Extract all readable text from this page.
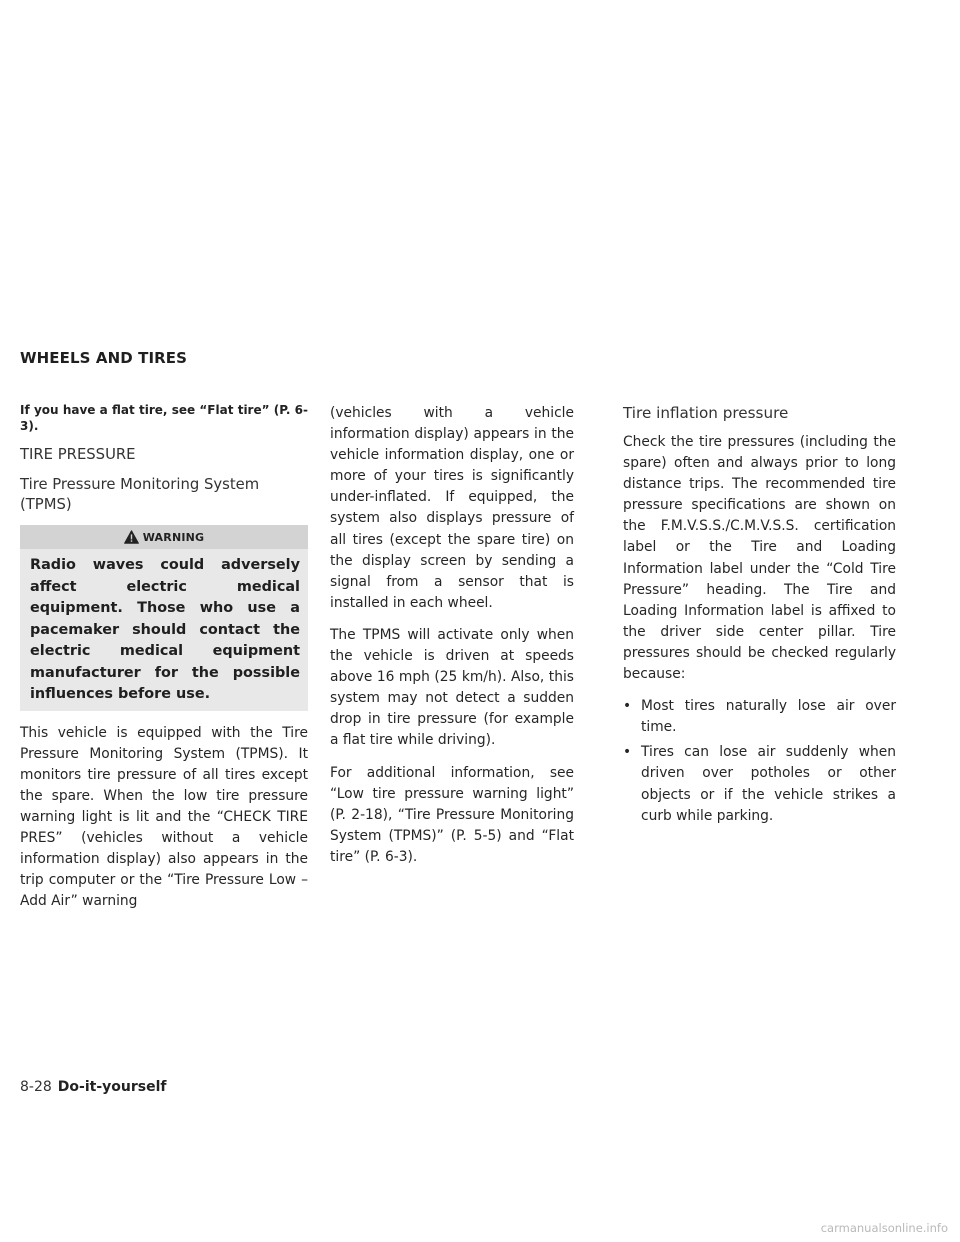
WHEELS AND TIRES

If you have a flat tire, see “Flat tire” (P. 6-3).

TIRE PRESSURE
Tire Pressure Monitoring System (TPMS)
WARNING
Radio waves could adversely affect electric medical equipment. Those who use a pacemaker should contact the electric medical equipment manufacturer for the possible influences before use.

This vehicle is equipped with the Tire Pressure Monitoring System (TPMS). It monitors tire pressure of all tires except the spare. When the low tire pressure warning light is lit and the “CHECK TIRE PRES” (vehicles without a vehicle information display) also appears in the trip computer or the “Tire Pressure Low – Add Air” warning

(vehicles with a vehicle information display) appears in the vehicle information display, one or more of your tires is significantly under-inflated. If equipped, the system also displays pressure of all tires (except the spare tire) on the display screen by sending a signal from a sensor that is installed in each wheel.

The TPMS will activate only when the vehicle is driven at speeds above 16 mph (25 km/h). Also, this system may not detect a sudden drop in tire pressure (for example a flat tire while driving).

For additional information, see “Low tire pressure warning light” (P. 2-18), “Tire Pressure Monitoring System (TPMS)” (P. 5-5) and “Flat tire” (P. 6-3).

Tire inflation pressure

Check the tire pressures (including the spare) often and always prior to long distance trips. The recommended tire pressure specifications are shown on the F.M.V.S.S./C.M.V.S.S. certification label or the Tire and Loading Information label under the “Cold Tire Pressure” heading. The Tire and Loading Information label is affixed to the driver side center pillar. Tire pressures should be checked regularly because:

• Most tires naturally lose air over time.
• Tires can lose air suddenly when driven over potholes or other objects or if the vehicle strikes a curb while parking.
8-28 Do-it-yourself
carmanualsonline.info
